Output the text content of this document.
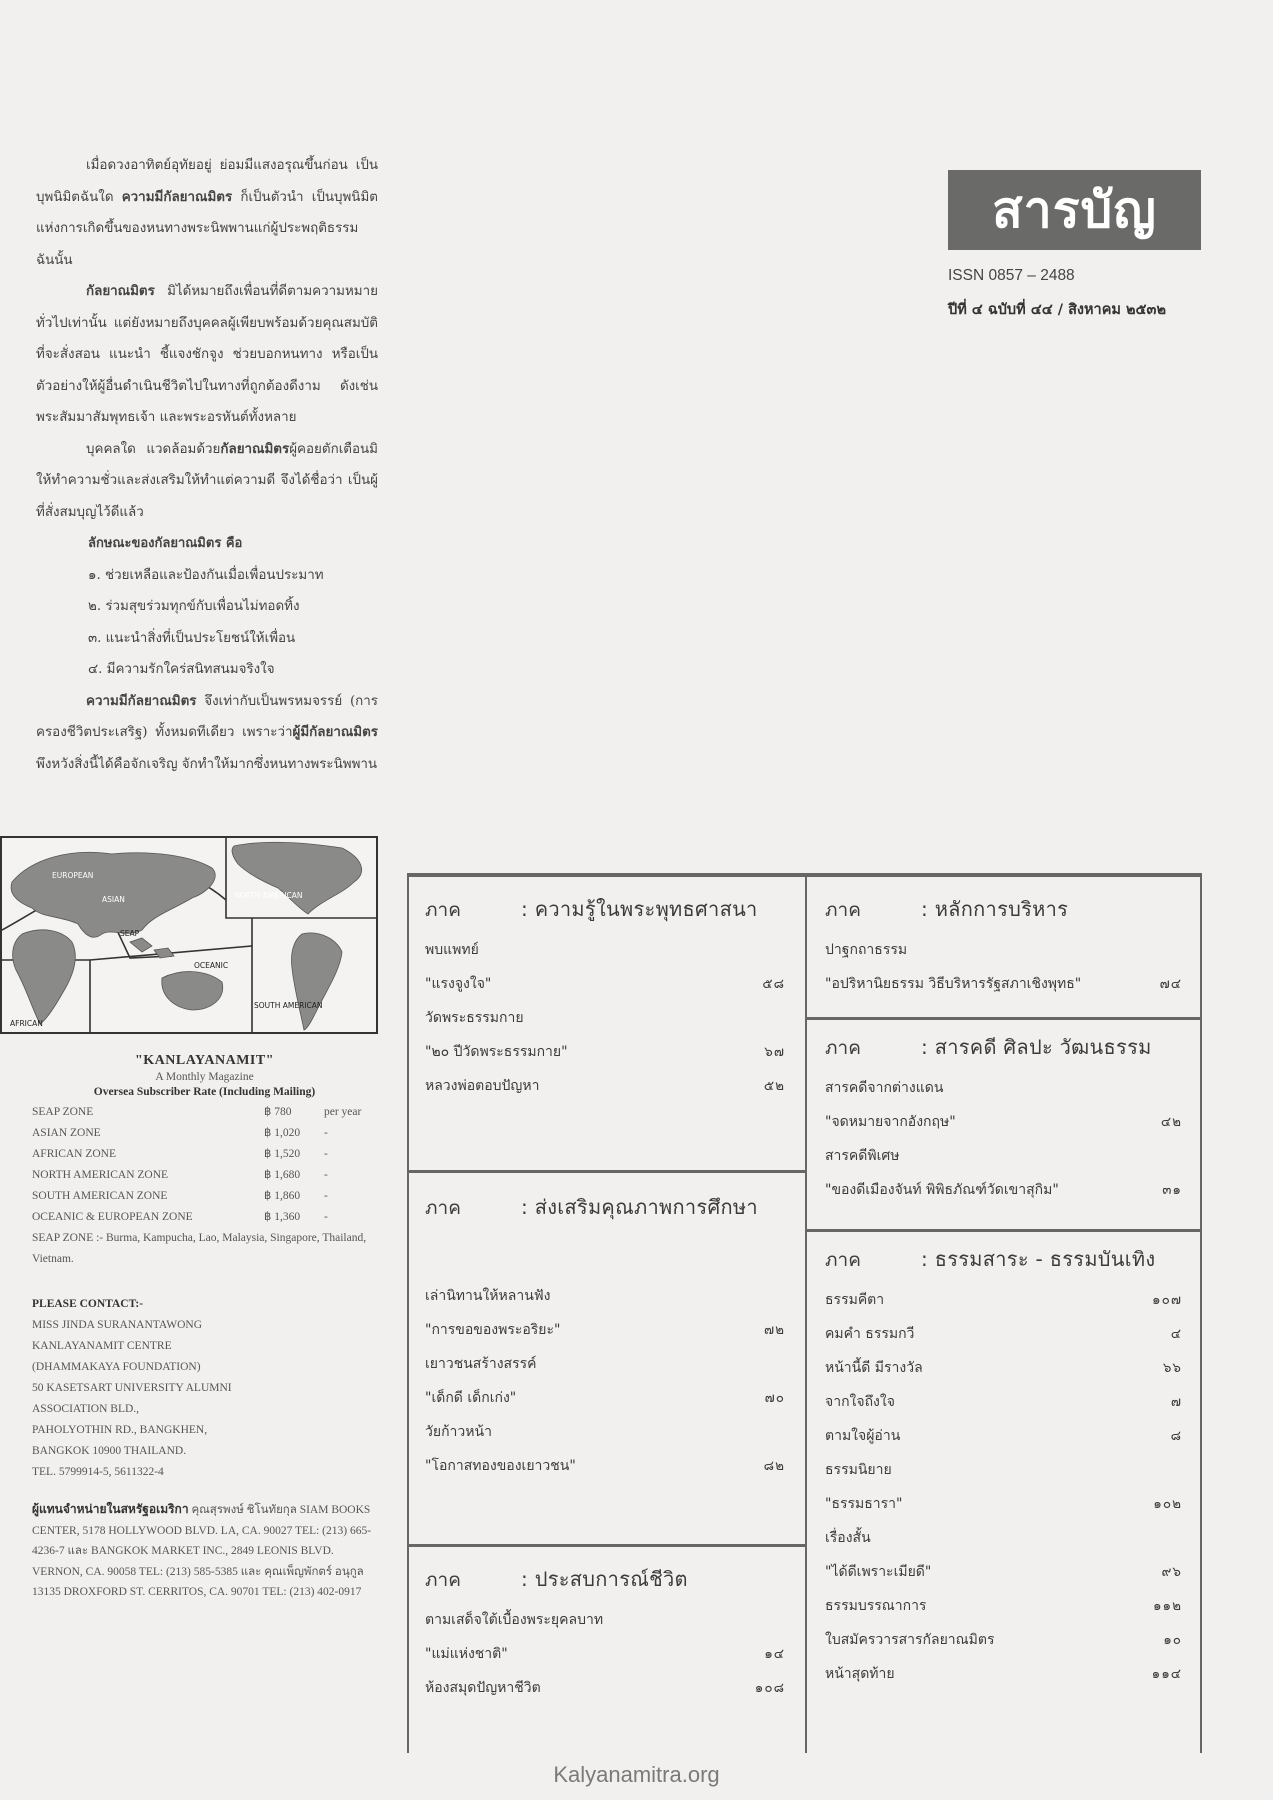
เมื่อดวงอาทิตย์อุทัยอยู่ ย่อมมีแสงอรุณขึ้นก่อน เป็นบุพนิมิตฉันใด ความมีกัลยาณมิตร ก็เป็นตัวนำ เป็นบุพนิมิตแห่งการเกิดขึ้นของหนทางพระนิพพานแก่ผู้ประพฤติธรรม ฉันนั้น

กัลยาณมิตร มิได้หมายถึงเพื่อนที่ดีตามความหมายทั่วไปเท่านั้น แต่ยังหมายถึงบุคคลผู้เพียบพร้อมด้วยคุณสมบัติที่จะสั่งสอน แนะนำ ชี้แจงชักจูง ช่วยบอกหนทาง หรือเป็นตัวอย่างให้ผู้อื่นดำเนินชีวิตไปในทางที่ถูกต้องดีงาม ดังเช่นพระสัมมาสัมพุทธเจ้า และพระอรหันต์ทั้งหลาย

บุคคลใด แวดล้อมด้วยกัลยาณมิตรผู้คอยตักเตือนมิให้ทำความชั่วและส่งเสริมให้ทำแต่ความดี จึงได้ชื่อว่า เป็นผู้ที่สั่งสมบุญไว้ดีแล้ว

ลักษณะของกัลยาณมิตร คือ

๑. ช่วยเหลือและป้องกันเมื่อเพื่อนประมาท

๒. ร่วมสุขร่วมทุกข์กับเพื่อนไม่ทอดทิ้ง

๓. แนะนำสิ่งที่เป็นประโยชน์ให้เพื่อน

๔. มีความรักใคร่สนิทสนมจริงใจ

ความมีกัลยาณมิตร จึงเท่ากับเป็นพรหมจรรย์ (การครองชีวิตประเสริฐ) ทั้งหมดทีเดียว เพราะว่าผู้มีกัลยาณมิตร พึงหวังสิ่งนี้ได้คือจักเจริญ จักทำให้มากซึ่งหนทางพระนิพพาน

EUROPEAN
ASIAN
SEAP
NORTH AMERICAN
OCEANIC
SOUTH AMERICAN
AFRICAN
"KANLAYANAMIT"
A Monthly Magazine
Oversea Subscriber Rate (Including Mailing)
SEAP ZONE	฿ 780	per year
ASIAN ZONE	฿ 1,020	-
AFRICAN ZONE	฿ 1,520	-
NORTH AMERICAN ZONE	฿ 1,680	-
SOUTH AMERICAN ZONE	฿ 1,860	-
OCEANIC & EUROPEAN ZONE	฿ 1,360	-
SEAP ZONE :- Burma, Kampucha, Lao, Malaysia, Singapore, Thailand, Vietnam.
PLEASE CONTACT:-
MISS JINDA SURANANTAWONG
KANLAYANAMIT CENTRE
(DHAMMAKAYA FOUNDATION)
50 KASETSART UNIVERSITY ALUMNI
ASSOCIATION BLD.,
PAHOLYOTHIN RD., BANGKHEN,
BANGKOK 10900 THAILAND.
TEL. 5799914-5, 5611322-4
ผู้แทนจำหน่ายในสหรัฐอเมริกา คุณสุรพงษ์ ชิโนทัยกุล SIAM BOOKS CENTER, 5178 HOLLYWOOD BLVD. LA, CA. 90027 TEL: (213) 665-4236-7 และ BANGKOK MARKET INC., 2849 LEONIS BLVD. VERNON, CA. 90058 TEL: (213) 585-5385 และ คุณเพ็ญพักตร์ อนุกูล 13135 DROXFORD ST. CERRITOS, CA. 90701 TEL: (213) 402-0917
สารบัญ
ISSN 0857 – 2488
ปีที่ ๔ ฉบับที่ ๔๔ / สิงหาคม ๒๕๓๒
ภาค	: ความรู้ในพระพุทธศาสนา
พบแพทย์
"แรงจูงใจ"	๕๘
วัดพระธรรมกาย
"๒๐ ปีวัดพระธรรมกาย"	๖๗
หลวงพ่อตอบปัญหา	๕๒
ภาค	: ส่งเสริมคุณภาพการศึกษา
เล่านิทานให้หลานฟัง
"การขอของพระอริยะ"	๗๒
เยาวชนสร้างสรรค์
"เด็กดี เด็กเก่ง"	๗๐
วัยก้าวหน้า
"โอกาสทองของเยาวชน"	๘๒
ภาค	: ประสบการณ์ชีวิต
ตามเสด็จใต้เบื้องพระยุคลบาท
"แม่แห่งชาติ"	๑๔
ห้องสมุดปัญหาชีวิต	๑๐๘
ภาค	: หลักการบริหาร
ปาฐกถาธรรม
"อปริหานิยธรรม วิธีบริหารรัฐสภาเชิงพุทธ"	๗๔
ภาค	: สารคดี ศิลปะ วัฒนธรรม
สารคดีจากต่างแดน
"จดหมายจากอังกฤษ"	๔๒
สารคดีพิเศษ
"ของดีเมืองจันท์ พิพิธภัณฑ์วัดเขาสุกิม"	๓๑
ภาค	: ธรรมสาระ - ธรรมบันเทิง
ธรรมคีตา	๑๐๗
คมคำ ธรรมกวี	๔
หน้านี้ดี มีรางวัล	๖๖
จากใจถึงใจ	๗
ตามใจผู้อ่าน	๘
ธรรมนิยาย
"ธรรมธารา"	๑๐๒
เรื่องสั้น
"ได้ดีเพราะเมียดี"	๙๖
ธรรมบรรณาการ	๑๑๒
ใบสมัครวารสารกัลยาณมิตร	๑๐
หน้าสุดท้าย	๑๑๔
Kalyanamitra.org
